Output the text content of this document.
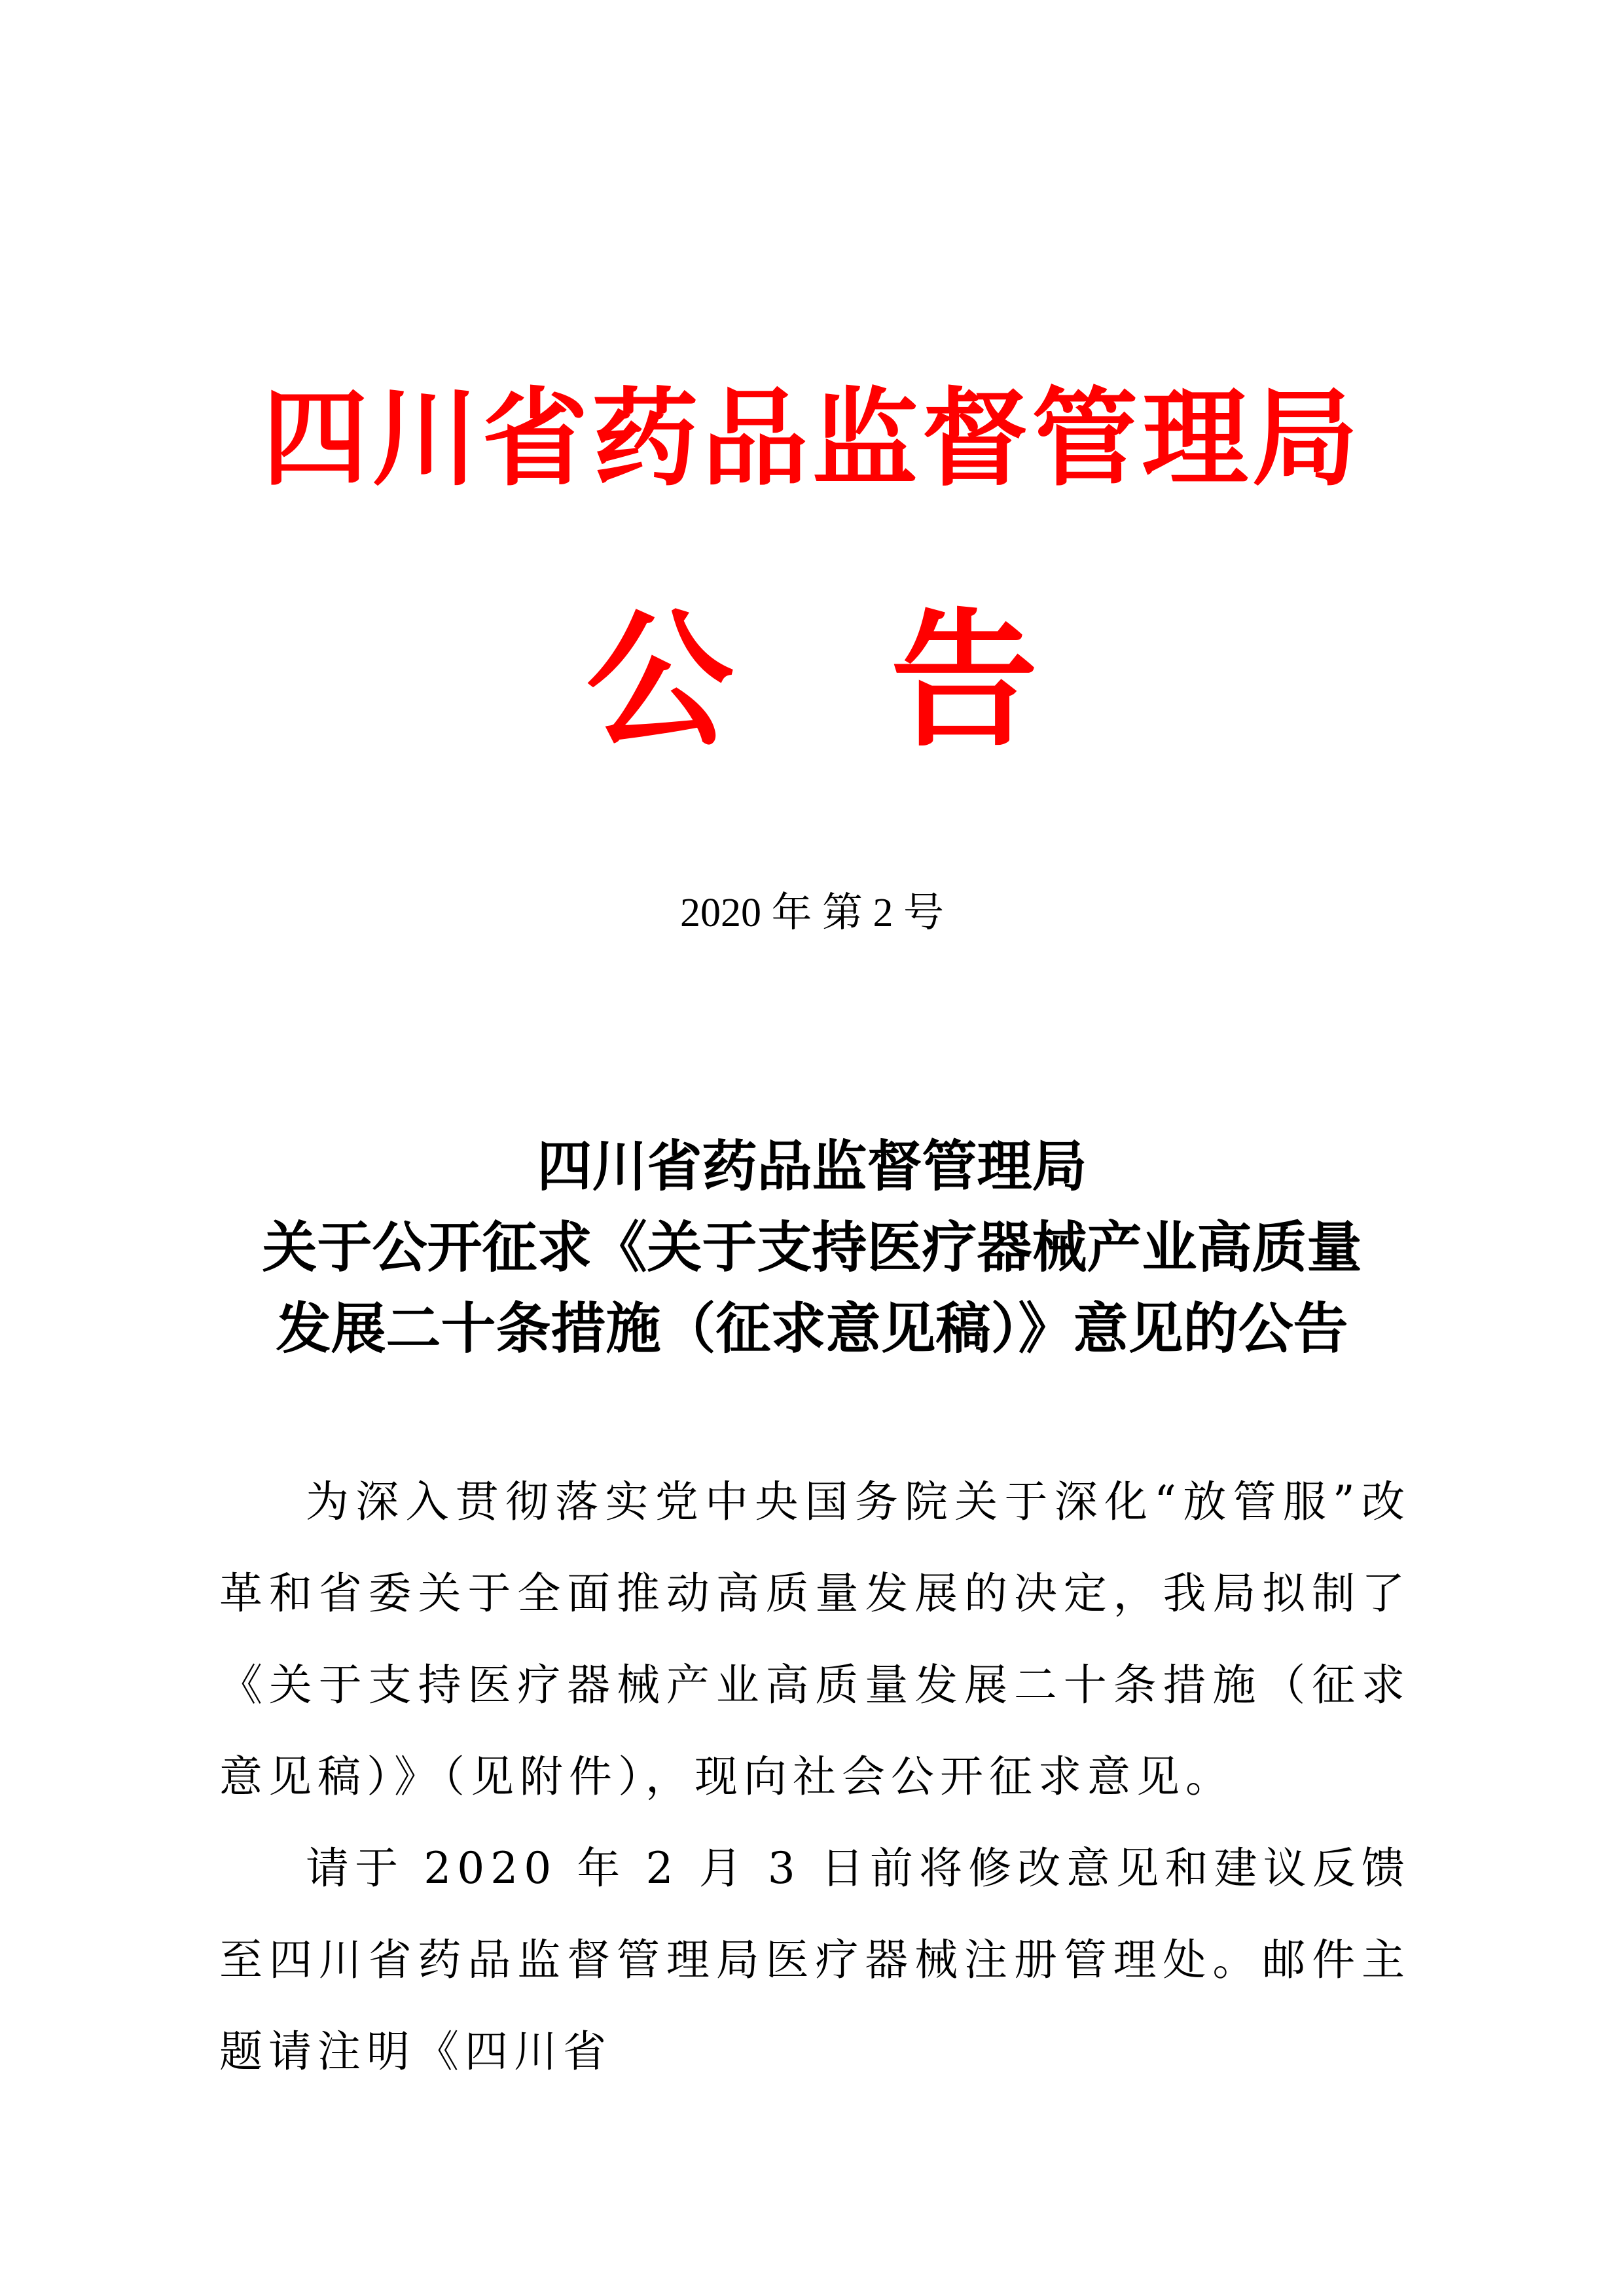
四川省药品监督管理局
公 告
2020 年 第 2 号
四川省药品监督管理局
关于公开征求《关于支持医疗器械产业高质量
发展二十条措施（征求意见稿）》意见的公告

为深入贯彻落实党中央国务院关于深化“放管服”改革和省委关于全面推动高质量发展的决定，我局拟制了《关于支持医疗器械产业高质量发展二十条措施（征求意见稿）》（见附件），现向社会公开征求意见。

请于 2020 年 2 月 3 日前将修改意见和建议反馈至四川省药品监督管理局医疗器械注册管理处。邮件主题请注明《四川省
